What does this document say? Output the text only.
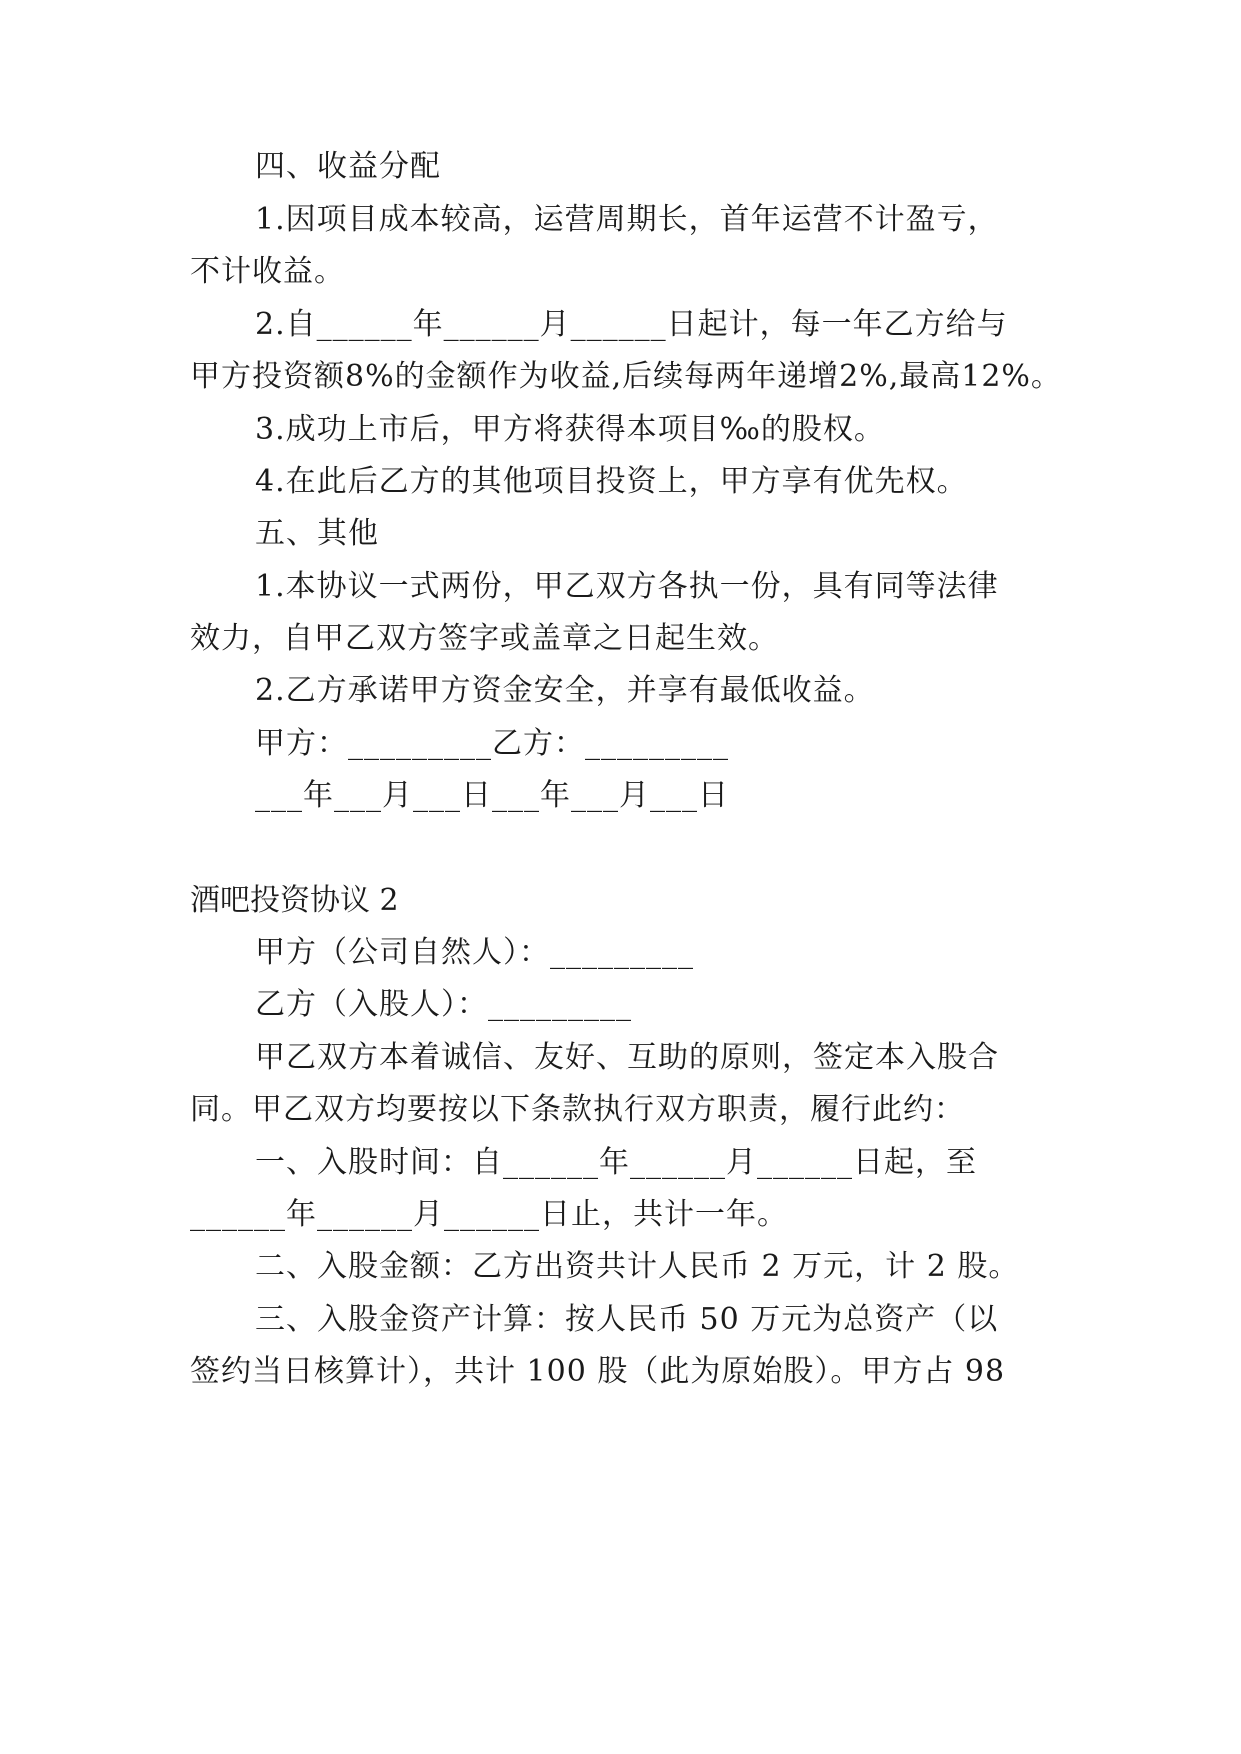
四、收益分配
1.因项目成本较高，运营周期长，首年运营不计盈亏，
不计收益。
2.自______年______月______日起计，每一年乙方给与
甲方投资额8%的金额作为收益,后续每两年递增2%,最高12%。
3.成功上市后，甲方将获得本项目‰的股权。
4.在此后乙方的其他项目投资上，甲方享有优先权。
五、其他
1.本协议一式两份，甲乙双方各执一份，具有同等法律
效力，自甲乙双方签字或盖章之日起生效。
2.乙方承诺甲方资金安全，并享有最低收益。
甲方：_________乙方：_________
___年___月___日___年___月___日
酒吧投资协议 2
甲方（公司自然人）：_________
乙方（入股人）：_________
甲乙双方本着诚信、友好、互助的原则，签定本入股合
同。甲乙双方均要按以下条款执行双方职责，履行此约：
一、入股时间：自______年______月______日起，至
______年______月______日止，共计一年。
二、入股金额：乙方出资共计人民币 2 万元，计 2 股。
三、入股金资产计算：按人民币 50 万元为总资产（以
签约当日核算计），共计 100 股（此为原始股）。甲方占 98
